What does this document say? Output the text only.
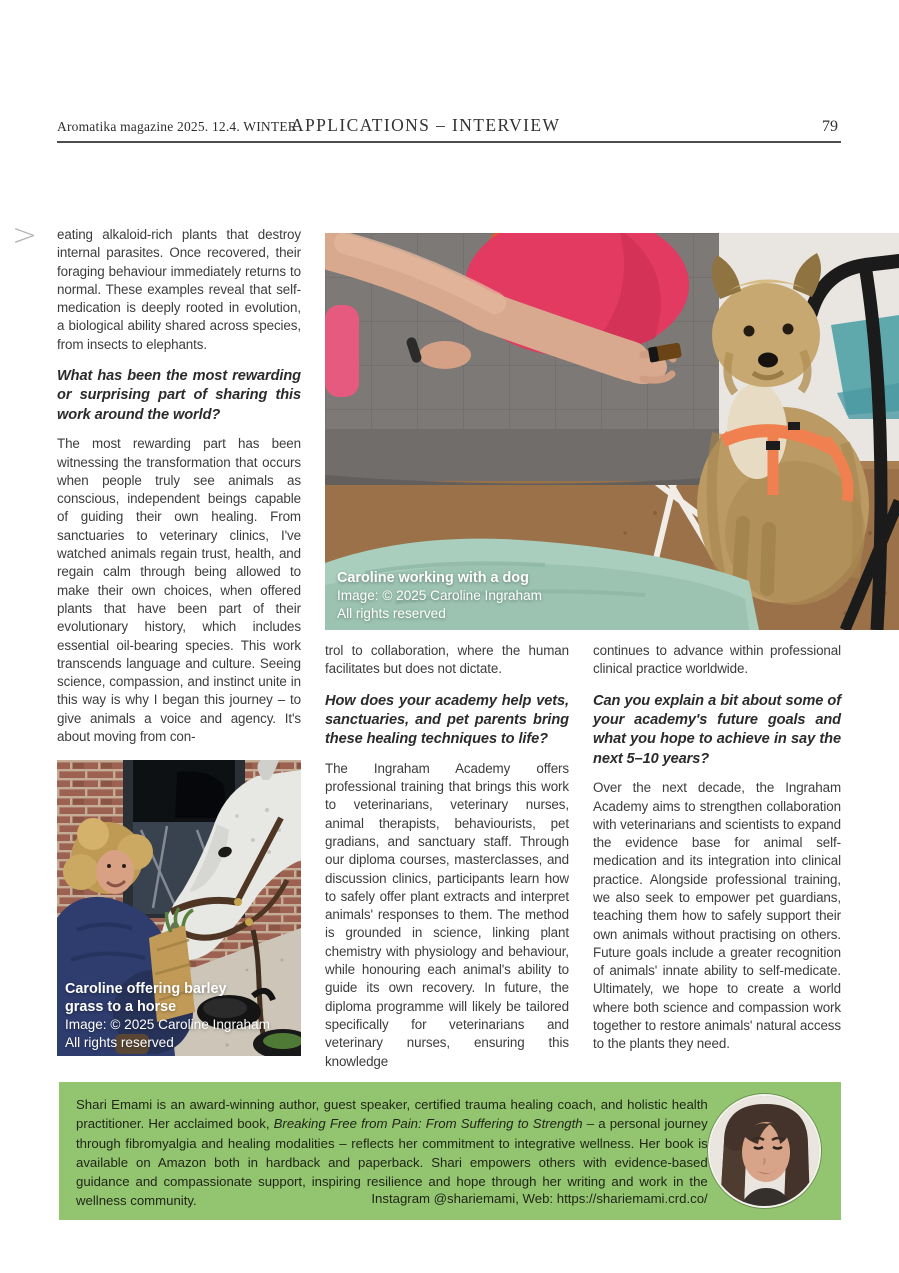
Aromatika magazine 2025. 12.4. WINTER
APPLICATIONS – INTERVIEW	79
> eating alkaloid-rich plants that destroy internal parasites. Once recovered, their foraging behaviour immediately returns to normal. These examples reveal that self-medication is deeply rooted in evolution, a biological ability shared across species, from insects to elephants.

What has been the most rewarding or surprising part of sharing this work around the world?

The most rewarding part has been witnessing the transformation that occurs when people truly see animals as conscious, independent beings capable of guiding their own healing. From sanctuaries to veterinary clinics, I've watched animals regain trust, health, and regain calm through being allowed to make their own choices, when offered plants that have been part of their evolutionary history, which includes essential oil-bearing species. This work transcends language and culture. Seeing science, compassion, and instinct unite in this way is why I began this journey – to give animals a voice and agency. It's about moving from con-

Caroline working with a dog
Image: © 2025 Caroline Ingraham
All rights reserved

trol to collaboration, where the human facilitates but does not dictate.

How does your academy help vets, sanctuaries, and pet parents bring these healing techniques to life?

The Ingraham Academy offers professional training that brings this work to veterinarians, veterinary nurses, animal therapists, behaviourists, pet gradians, and sanctuary staff. Through our diploma courses, masterclasses, and discussion clinics, participants learn how to safely offer plant extracts and interpret animals' responses to them. The method is grounded in science, linking plant chemistry with physiology and behaviour, while honouring each animal's ability to guide its own recovery. In future, the diploma programme will likely be tailored specifically for veterinarians and veterinary nurses, ensuring this knowledge

continues to advance within professional clinical practice worldwide.

Can you explain a bit about some of your academy's future goals and what you hope to achieve in say the next 5–10 years?

Over the next decade, the Ingraham Academy aims to strengthen collaboration with veterinarians and scientists to expand the evidence base for animal self-medication and its integration into clinical practice. Alongside professional training, we also seek to empower pet guardians, teaching them how to safely support their own animals without practising on others. Future goals include a greater recognition of animals' innate ability to self-medicate. Ultimately, we hope to create a world where both science and compassion work together to restore animals' natural access to the plants they need.

Caroline offering barley grass to a horse
Image: © 2025 Caroline Ingraham
All rights reserved

Shari Emami is an award-winning author, guest speaker, certified trauma healing coach, and holistic health practitioner. Her acclaimed book, Breaking Free from Pain: From Suffering to Strength – a personal journey through fibromyalgia and healing modalities – reflects her commitment to integrative wellness. Her book is available on Amazon both in hardback and paperback. Shari empowers others with evidence-based guidance and compassionate support, inspiring resilience and hope through her writing and work in the wellness community.	Instagram @shariemami, Web: https://shariemami.crd.co/
